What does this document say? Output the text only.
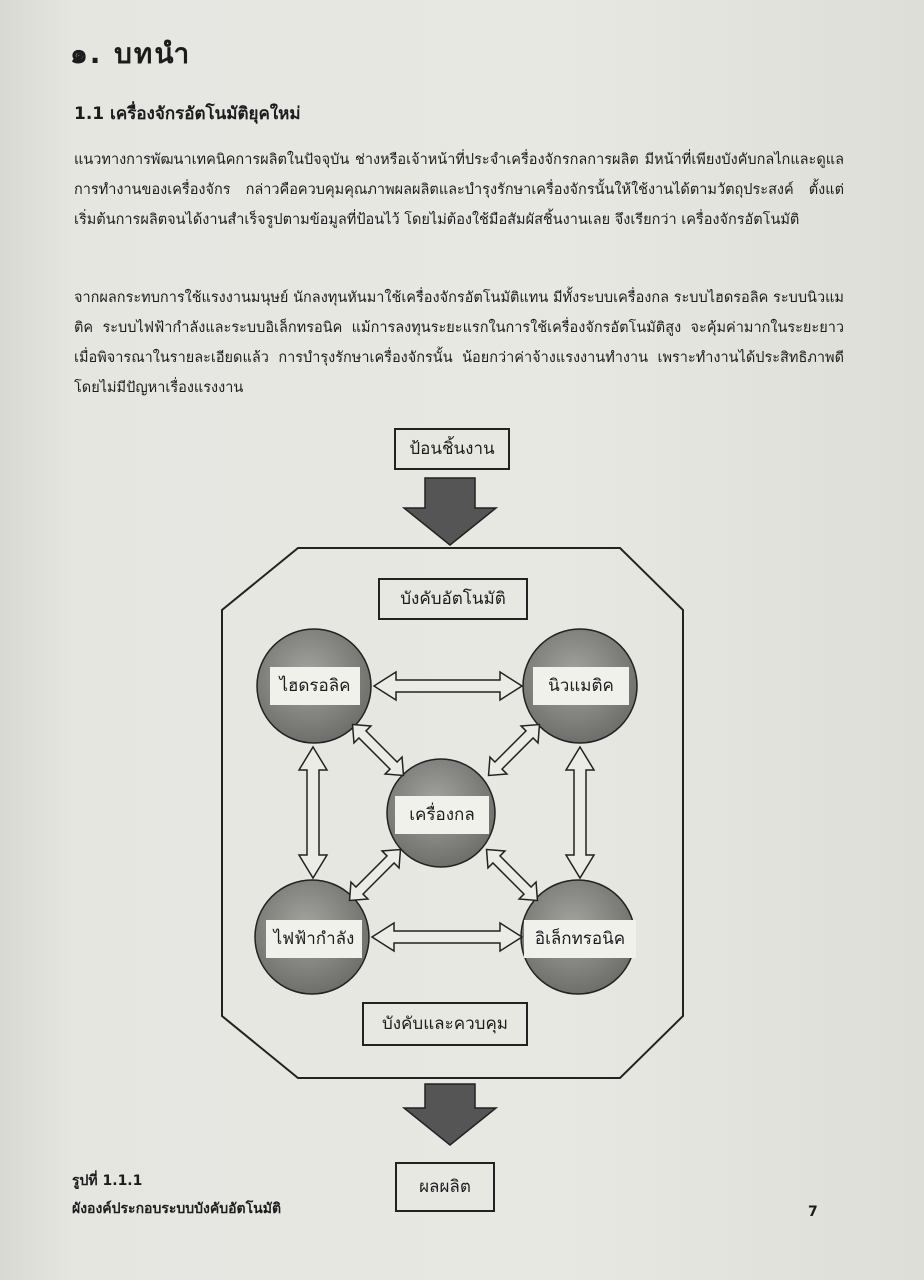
๑. บทนำ
1.1 เครื่องจักรอัตโนมัติยุคใหม่

แนวทางการพัฒนาเทคนิคการผลิตในปัจจุบัน ช่างหรือเจ้าหน้าที่ประจำเครื่องจักรกลการผลิต มีหน้าที่เพียงบังคับกลไกและดูแลการทำงานของเครื่องจักร กล่าวคือควบคุมคุณภาพผลผลิตและบำรุงรักษาเครื่องจักรนั้นให้ใช้งานได้ตามวัตถุประสงค์ ตั้งแต่เริ่มต้นการผลิตจนได้งานสำเร็จรูปตามข้อมูลที่ป้อนไว้ โดยไม่ต้องใช้มือสัมผัสชิ้นงานเลย จึงเรียกว่า เครื่องจักรอัตโนมัติ

จากผลกระทบการใช้แรงงานมนุษย์ นักลงทุนหันมาใช้เครื่องจักรอัตโนมัติแทน มีทั้งระบบเครื่องกล ระบบไฮดรอลิค ระบบนิวแมติค ระบบไฟฟ้ากำลังและระบบอิเล็กทรอนิค แม้การลงทุนระยะแรกในการใช้เครื่องจักรอัตโนมัติสูง จะคุ้มค่ามากในระยะยาว เมื่อพิจารณาในรายละเอียดแล้ว การบำรุงรักษาเครื่องจักรนั้น น้อยกว่าค่าจ้างแรงงานทำงาน เพราะทำงานได้ประสิทธิภาพดี โดยไม่มีปัญหาเรื่องแรงงาน

ป้อนชิ้นงาน
บังคับอัตโนมัติ
บังคับและควบคุม
ผลผลิต
ไฮดรอลิค	นิวแมติค
เครื่องกล
ไฟฟ้ากำลัง	อิเล็กทรอนิค

รูปที่ 1.1.1

ผังองค์ประกอบระบบบังคับอัตโนมัติ	7
